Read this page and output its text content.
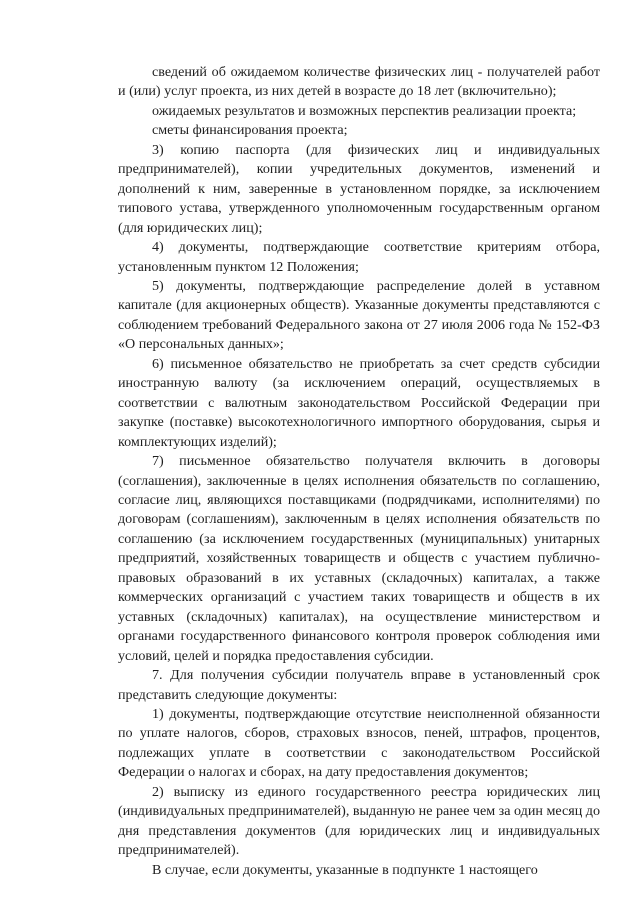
сведений об ожидаемом количестве физических лиц - получателей работ и (или) услуг проекта, из них детей в возрасте до 18 лет (включительно);

ожидаемых результатов и возможных перспектив реализации проекта;

сметы финансирования проекта;

3) копию паспорта (для физических лиц и индивидуальных предпринимателей), копии учредительных документов, изменений и дополнений к ним, заверенные в установленном порядке, за исключением типового устава, утвержденного уполномоченным государственным органом (для юридических лиц);

4) документы, подтверждающие соответствие критериям отбора, установленным пунктом 12 Положения;

5) документы, подтверждающие распределение долей в уставном капитале (для акционерных обществ). Указанные документы представляются с соблюдением требований Федерального закона от 27 июля 2006 года № 152-ФЗ «О персональных данных»;

6) письменное обязательство не приобретать за счет средств субсидии иностранную валюту (за исключением операций, осуществляемых в соответствии с валютным законодательством Российской Федерации при закупке (поставке) высокотехнологичного импортного оборудования, сырья и комплектующих изделий);

7) письменное обязательство получателя включить в договоры (соглашения), заключенные в целях исполнения обязательств по соглашению, согласие лиц, являющихся поставщиками (подрядчиками, исполнителями) по договорам (соглашениям), заключенным в целях исполнения обязательств по соглашению (за исключением государственных (муниципальных) унитарных предприятий, хозяйственных товариществ и обществ с участием публично-правовых образований в их уставных (складочных) капиталах, а также коммерческих организаций с участием таких товариществ и обществ в их уставных (складочных) капиталах), на осуществление министерством и органами государственного финансового контроля проверок соблюдения ими условий, целей и порядка предоставления субсидии.

7. Для получения субсидии получатель вправе в установленный срок представить следующие документы:

1) документы, подтверждающие отсутствие неисполненной обязанности по уплате налогов, сборов, страховых взносов, пеней, штрафов, процентов, подлежащих уплате в соответствии с законодательством Российской Федерации о налогах и сборах, на дату предоставления документов;

2) выписку из единого государственного реестра юридических лиц (индивидуальных предпринимателей), выданную не ранее чем за один месяц до дня представления документов (для юридических лиц и индивидуальных предпринимателей).

В случае, если документы, указанные в подпункте 1 настоящего
